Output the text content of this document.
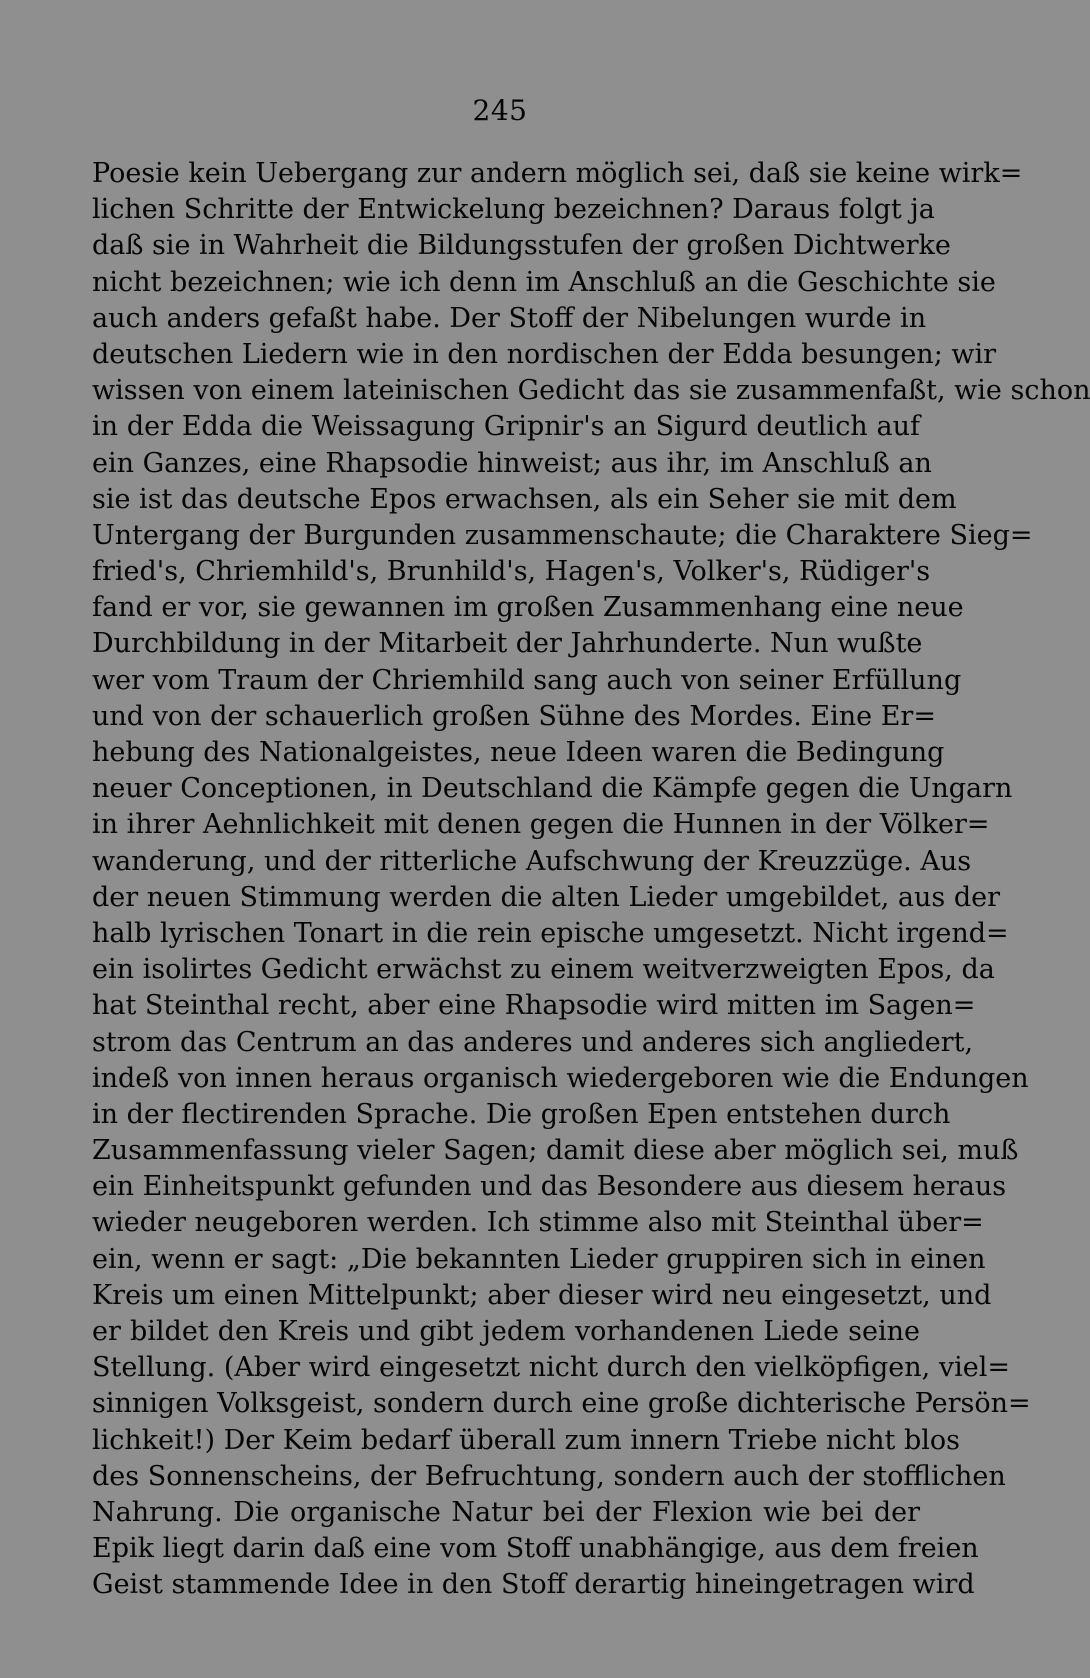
245
Poesie kein Uebergang zur andern möglich sei, daß sie keine wirk=
lichen Schritte der Entwickelung bezeichnen? Daraus folgt ja
daß sie in Wahrheit die Bildungsstufen der großen Dichtwerke
nicht bezeichnen; wie ich denn im Anschluß an die Geschichte sie
auch anders gefaßt habe. Der Stoff der Nibelungen wurde in
deutschen Liedern wie in den nordischen der Edda besungen; wir
wissen von einem lateinischen Gedicht das sie zusammenfaßt, wie schon
in der Edda die Weissagung Gripnir's an Sigurd deutlich auf
ein Ganzes, eine Rhapsodie hinweist; aus ihr, im Anschluß an
sie ist das deutsche Epos erwachsen, als ein Seher sie mit dem
Untergang der Burgunden zusammenschaute; die Charaktere Sieg=
fried's, Chriemhild's, Brunhild's, Hagen's, Volker's, Rüdiger's
fand er vor, sie gewannen im großen Zusammenhang eine neue
Durchbildung in der Mitarbeit der Jahrhunderte. Nun wußte
wer vom Traum der Chriemhild sang auch von seiner Erfüllung
und von der schauerlich großen Sühne des Mordes. Eine Er=
hebung des Nationalgeistes, neue Ideen waren die Bedingung
neuer Conceptionen, in Deutschland die Kämpfe gegen die Ungarn
in ihrer Aehnlichkeit mit denen gegen die Hunnen in der Völker=
wanderung, und der ritterliche Aufschwung der Kreuzzüge. Aus
der neuen Stimmung werden die alten Lieder umgebildet, aus der
halb lyrischen Tonart in die rein epische umgesetzt. Nicht irgend=
ein isolirtes Gedicht erwächst zu einem weitverzweigten Epos, da
hat Steinthal recht, aber eine Rhapsodie wird mitten im Sagen=
strom das Centrum an das anderes und anderes sich angliedert,
indeß von innen heraus organisch wiedergeboren wie die Endungen
in der flectirenden Sprache. Die großen Epen entstehen durch
Zusammenfassung vieler Sagen; damit diese aber möglich sei, muß
ein Einheitspunkt gefunden und das Besondere aus diesem heraus
wieder neugeboren werden. Ich stimme also mit Steinthal über=
ein, wenn er sagt: „Die bekannten Lieder gruppiren sich in einen
Kreis um einen Mittelpunkt; aber dieser wird neu eingesetzt, und
er bildet den Kreis und gibt jedem vorhandenen Liede seine
Stellung. (Aber wird eingesetzt nicht durch den vielköpfigen, viel=
sinnigen Volksgeist, sondern durch eine große dichterische Persön=
lichkeit!) Der Keim bedarf überall zum innern Triebe nicht blos
des Sonnenscheins, der Befruchtung, sondern auch der stofflichen
Nahrung. Die organische Natur bei der Flexion wie bei der
Epik liegt darin daß eine vom Stoff unabhängige, aus dem freien
Geist stammende Idee in den Stoff derartig hineingetragen wird
